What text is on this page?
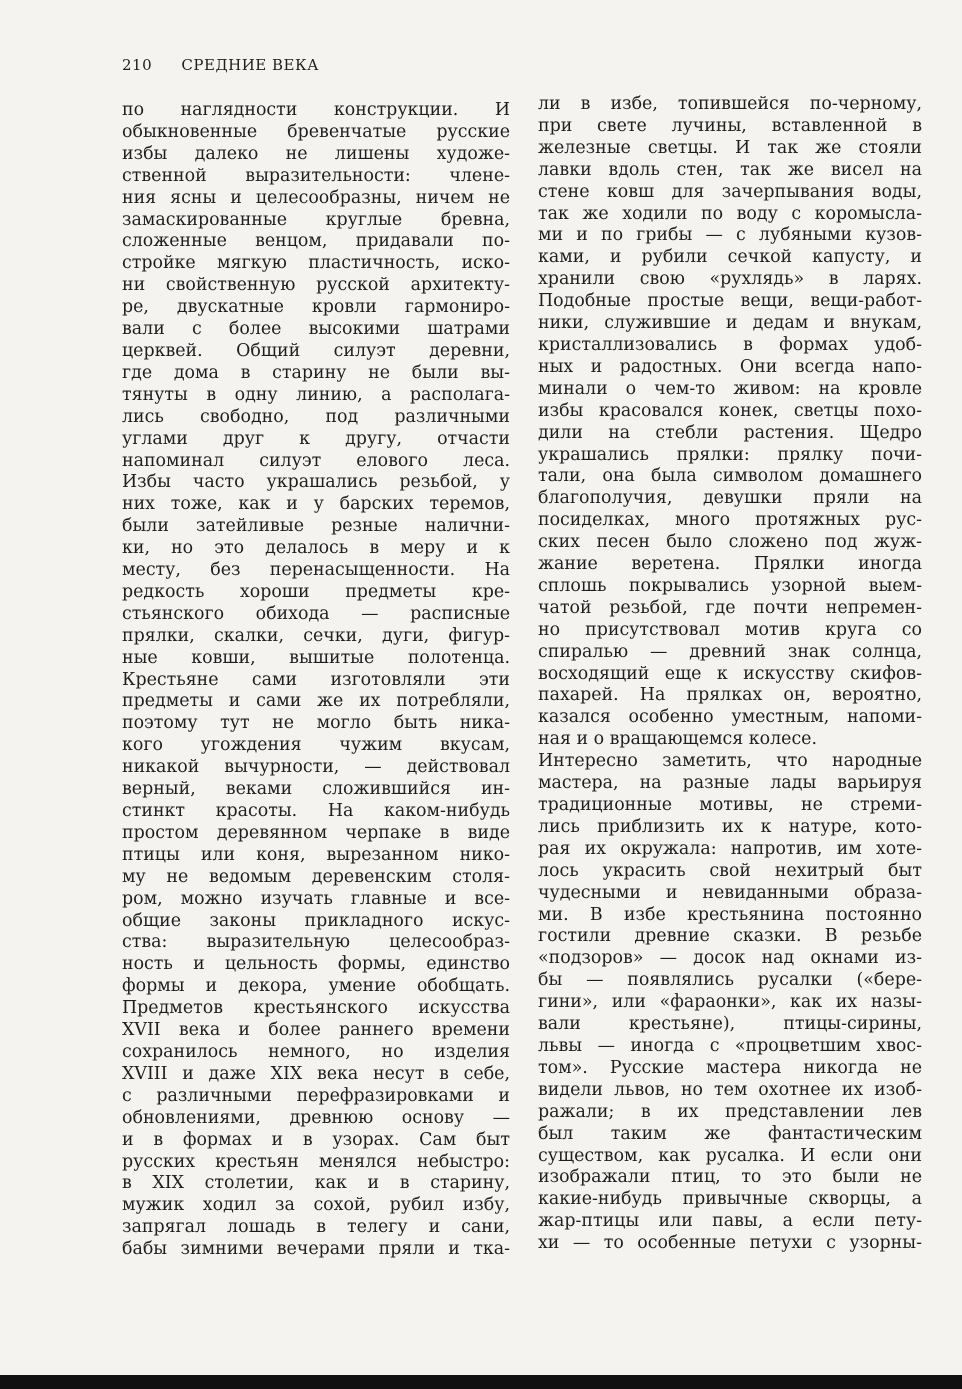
210 СРЕДНИЕ ВЕКА
по наглядности конструкции. И
обыкновенные бревенчатые русские
избы далеко не лишены художе-
ственной выразительности: члене-
ния ясны и целесообразны, ничем не
замаскированные круглые бревна,
сложенные венцом, придавали по-
стройке мягкую пластичность, иско-
ни свойственную русской архитекту-
ре, двускатные кровли гармониро-
вали с более высокими шатрами
церквей. Общий силуэт деревни,
где дома в старину не были вы-
тянуты в одну линию, а располага-
лись свободно, под различными
углами друг к другу, отчасти
напоминал силуэт елового леса.
Избы часто украшались резьбой, у
них тоже, как и у барских теремов,
были затейливые резные налични-
ки, но это делалось в меру и к
месту, без перенасыщенности. На
редкость хороши предметы кре-
стьянского обихода — расписные
прялки, скалки, сечки, дуги, фигур-
ные ковши, вышитые полотенца.
Крестьяне сами изготовляли эти
предметы и сами же их потребляли,
поэтому тут не могло быть ника-
кого угождения чужим вкусам,
никакой вычурности, — действовал
верный, веками сложившийся ин-
стинкт красоты. На каком-нибудь
простом деревянном черпаке в виде
птицы или коня, вырезанном нико-
му не ведомым деревенским столя-
ром, можно изучать главные и все-
общие законы прикладного искус-
ства: выразительную целесообраз-
ность и цельность формы, единство
формы и декора, умение обобщать.
Предметов крестьянского искусства
XVII века и более раннего времени
сохранилось немного, но изделия
XVIII и даже XIX века несут в себе,
с различными перефразировками и
обновлениями, древнюю основу —
и в формах и в узорах. Сам быт
русских крестьян менялся небыстро:
в XIX столетии, как и в старину,
мужик ходил за сохой, рубил избу,
запрягал лошадь в телегу и сани,
бабы зимними вечерами пряли и тка-
ли в избе, топившейся по-черному,
при свете лучины, вставленной в
железные светцы. И так же стояли
лавки вдоль стен, так же висел на
стене ковш для зачерпывания воды,
так же ходили по воду с коромысла-
ми и по грибы — с лубяными кузов-
ками, и рубили сечкой капусту, и
хранили свою «рухлядь» в ларях.
Подобные простые вещи, вещи-работ-
ники, служившие и дедам и внукам,
кристаллизовались в формах удоб-
ных и радостных. Они всегда напо-
минали о чем-то живом: на кровле
избы красовался конек, светцы похо-
дили на стебли растения. Щедро
украшались прялки: прялку почи-
тали, она была символом домашнего
благополучия, девушки пряли на
посиделках, много протяжных рус-
ских песен было сложено под жуж-
жание веретена. Прялки иногда
сплошь покрывались узорной выем-
чатой резьбой, где почти непремен-
но присутствовал мотив круга со
спиралью — древний знак солнца,
восходящий еще к искусству скифов-
пахарей. На прялках он, вероятно,
казался особенно уместным, напоми-
ная и о вращающемся колесе.
Интересно заметить, что народные
мастера, на разные лады варьируя
традиционные мотивы, не стреми-
лись приблизить их к натуре, кото-
рая их окружала: напротив, им хоте-
лось украсить свой нехитрый быт
чудесными и невиданными образа-
ми. В избе крестьянина постоянно
гостили древние сказки. В резьбе
«подзоров» — досок над окнами из-
бы — появлялись русалки («бере-
гини», или «фараонки», как их назы-
вали крестьяне), птицы-сирины,
львы — иногда с «процветшим хвос-
том». Русские мастера никогда не
видели львов, но тем охотнее их изоб-
ражали; в их представлении лев
был таким же фантастическим
существом, как русалка. И если они
изображали птиц, то это были не
какие-нибудь привычные скворцы, а
жар-птицы или павы, а если пету-
хи — то особенные петухи с узорны-
